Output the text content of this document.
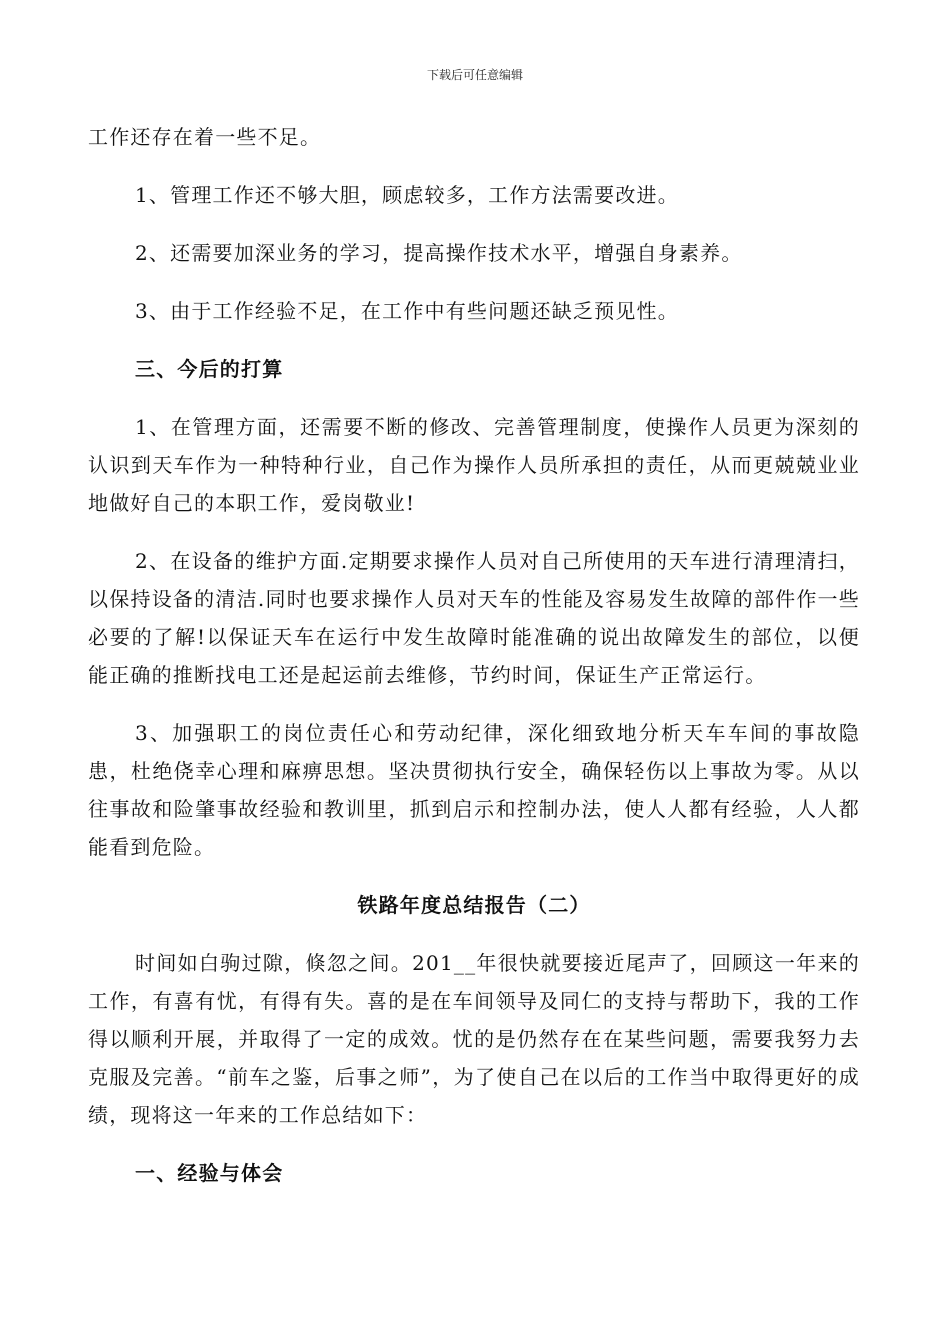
下载后可任意编辑

工作还存在着一些不足。

1、管理工作还不够大胆，顾虑较多，工作方法需要改进。

2、还需要加深业务的学习，提高操作技术水平，增强自身素养。

3、由于工作经验不足，在工作中有些问题还缺乏预见性。

三、今后的打算

1、在管理方面，还需要不断的修改、完善管理制度，使操作人员更为深刻的认识到天车作为一种特种行业，自己作为操作人员所承担的责任，从而更兢兢业业地做好自己的本职工作，爱岗敬业!

2、在设备的维护方面.定期要求操作人员对自己所使用的天车进行清理清扫，以保持设备的清洁.同时也要求操作人员对天车的性能及容易发生故障的部件作一些必要的了解!以保证天车在运行中发生故障时能准确的说出故障发生的部位，以便能正确的推断找电工还是起运前去维修，节约时间，保证生产正常运行。

3、加强职工的岗位责任心和劳动纪律，深化细致地分析天车车间的事故隐患，杜绝侥幸心理和麻痹思想。坚决贯彻执行安全，确保轻伤以上事故为零。从以往事故和险肇事故经验和教训里，抓到启示和控制办法，使人人都有经验，人人都能看到危险。

铁路年度总结报告（二）

时间如白驹过隙，倏忽之间。201__年很快就要接近尾声了，回顾这一年来的工作，有喜有忧，有得有失。喜的是在车间领导及同仁的支持与帮助下，我的工作得以顺利开展，并取得了一定的成效。忧的是仍然存在在某些问题，需要我努力去克服及完善。“前车之鉴，后事之师”，为了使自己在以后的工作当中取得更好的成绩，现将这一年来的工作总结如下：

一、经验与体会
